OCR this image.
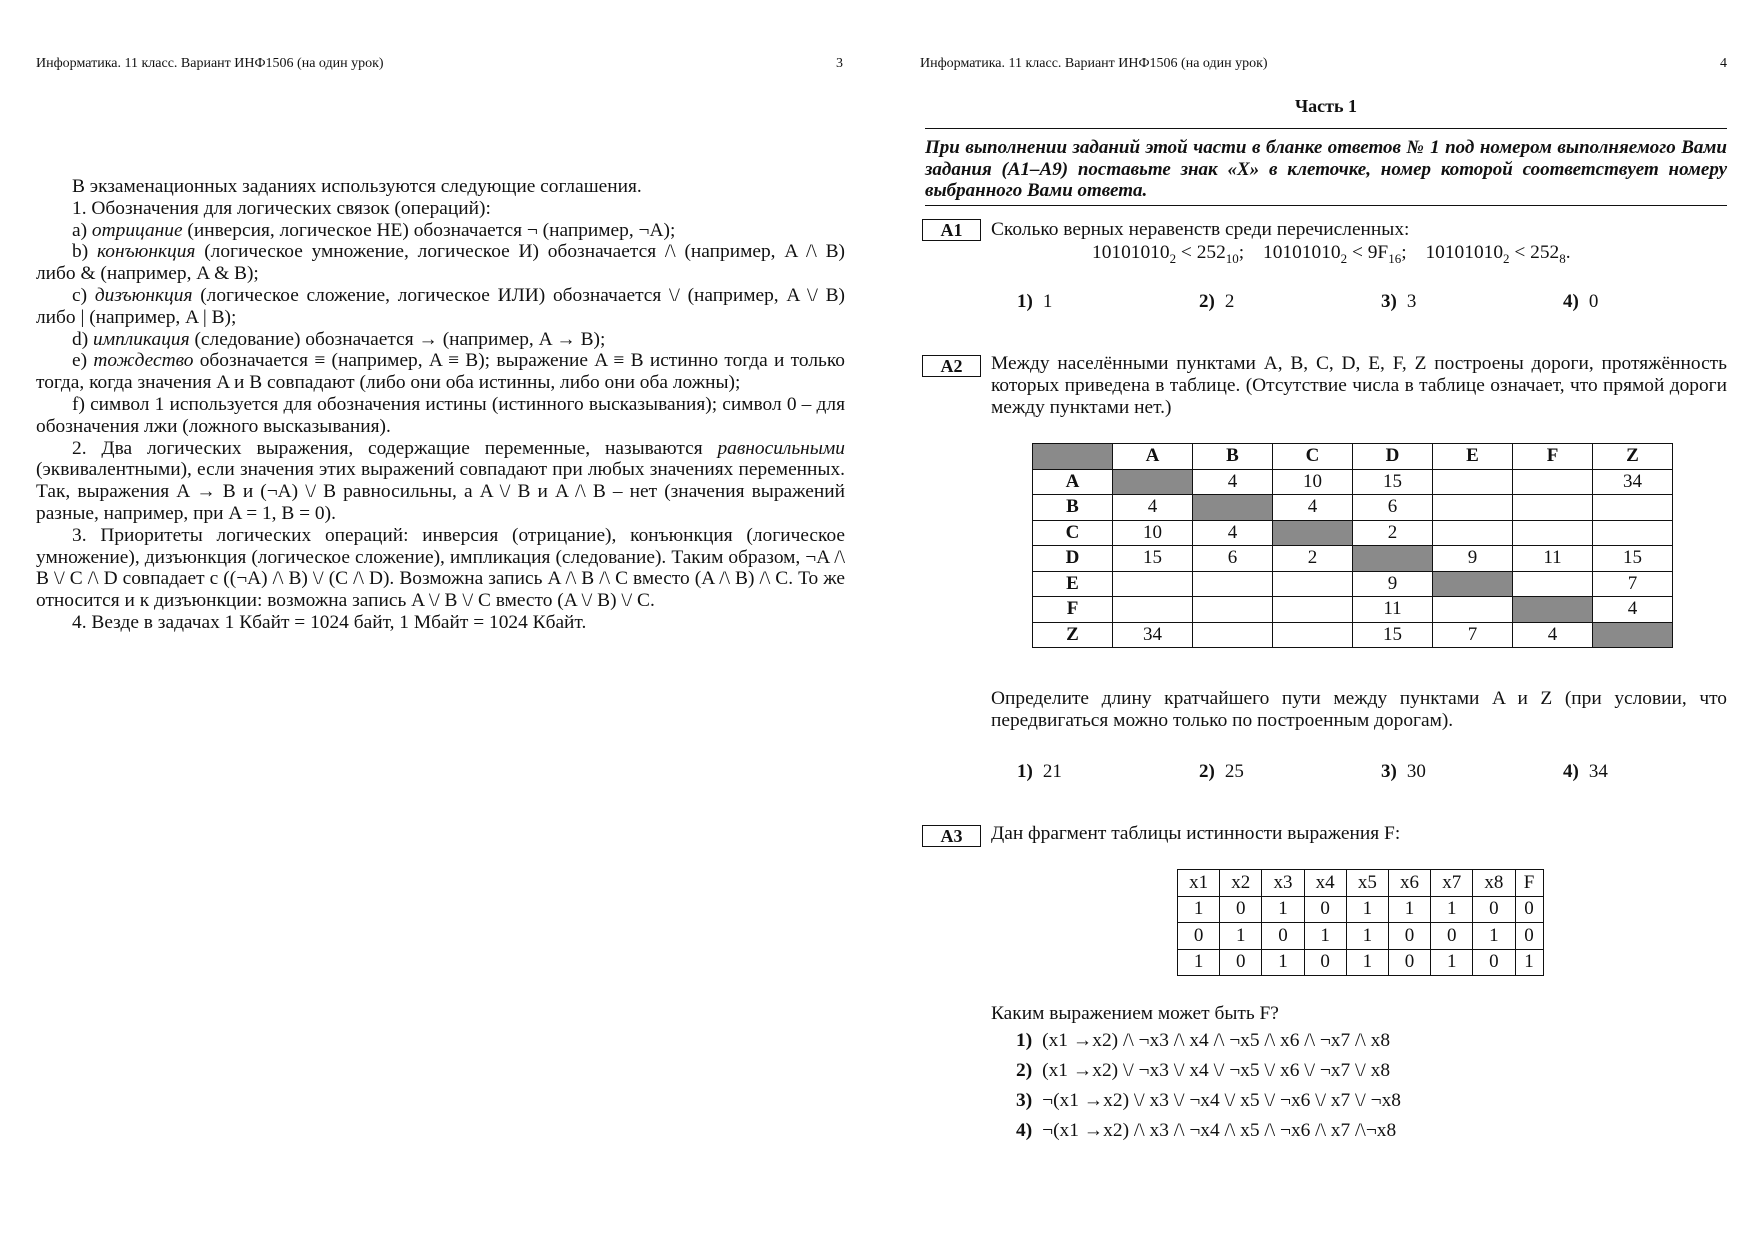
Информатика. 11 класс. Вариант ИНФ1506 (на один урок)	3

В экзаменационных заданиях используются следующие соглашения.

1. Обозначения для логических связок (операций):

a) отрицание (инверсия, логическое НЕ) обозначается ¬ (например, ¬A);

b) конъюнкция (логическое умножение, логическое И) обозначается /\ (например, A /\ B) либо & (например, A & B);

c) дизъюнкция (логическое сложение, логическое ИЛИ) обозначается \/ (например, A \/ B) либо | (например, A | B);

d) импликация (следование) обозначается → (например, A → B);

e) тождество обозначается ≡ (например, A ≡ B); выражение A ≡ B истинно тогда и только тогда, когда значения A и B совпадают (либо они оба истинны, либо они оба ложны);

f) символ 1 используется для обозначения истины (истинного высказывания); символ 0 – для обозначения лжи (ложного высказывания).

2. Два логических выражения, содержащие переменные, называются равносильными (эквивалентными), если значения этих выражений совпадают при любых значениях переменных. Так, выражения A → B и (¬A) \/ B равносильны, а A \/ B и A /\ B – нет (значения выражений разные, например, при A = 1, B = 0).

3. Приоритеты логических операций: инверсия (отрицание), конъюнкция (логическое умножение), дизъюнкция (логическое сложение), импликация (следование). Таким образом, ¬A /\ B \/ C /\ D совпадает с ((¬A) /\ B) \/ (C /\ D). Возможна запись A /\ B /\ C вместо (A /\ B) /\ C. То же относится и к дизъюнкции: возможна запись A \/ B \/ C вместо (A \/ B) \/ C.

4. Везде в задачах 1 Кбайт = 1024 байт, 1 Мбайт = 1024 Кбайт.

Информатика. 11 класс. Вариант ИНФ1506 (на один урок)	4
Часть 1
При выполнении заданий этой части в бланке ответов № 1 под номером выполняемого Вами задания (A1–A9) поставьте знак «X» в клеточке, номер которой соответствует номеру выбранного Вами ответа.
A1	Сколько верных неравенств среди перечисленных:
$10101010_2 < 252_{10}$; $10101010_2 < 9F_{16}$; $10101010_2 < 252_8$.
1) 1	2) 2	3) 3	4) 0
A2	Между населёнными пунктами A, B, C, D, E, F, Z построены дороги, протяжённость которых приведена в таблице. (Отсутствие числа в таблице означает, что прямой дороги между пунктами нет.)
	A	B	C	D	E	F	Z
A		4	10	15			34
B	4		4	6			
C	10	4		2			
D	15	6	2		9	11	15
E				9			7
F				11			4
Z	34			15	7	4	
Определите длину кратчайшего пути между пунктами A и Z (при условии, что передвигаться можно только по построенным дорогам).
1) 21	2) 25	3) 30	4) 34
A3	Дан фрагмент таблицы истинности выражения F:
x1	x2	x3	x4	x5	x6	x7	x8	F
1	0	1	0	1	1	1	0	0
0	1	0	1	1	0	0	1	0
1	0	1	0	1	0	1	0	1
Каким выражением может быть F?
1) (x1 →x2) /\ ¬x3 /\ x4 /\ ¬x5 /\ x6 /\ ¬x7 /\ x8
2) (x1 →x2) \/ ¬x3 \/ x4 \/ ¬x5 \/ x6 \/ ¬x7 \/ x8
3) ¬(x1 →x2) \/ x3 \/ ¬x4 \/ x5 \/ ¬x6 \/ x7 \/ ¬x8
4) ¬(x1 →x2) /\ x3 /\ ¬x4 /\ x5 /\ ¬x6 /\ x7 /\¬x8
